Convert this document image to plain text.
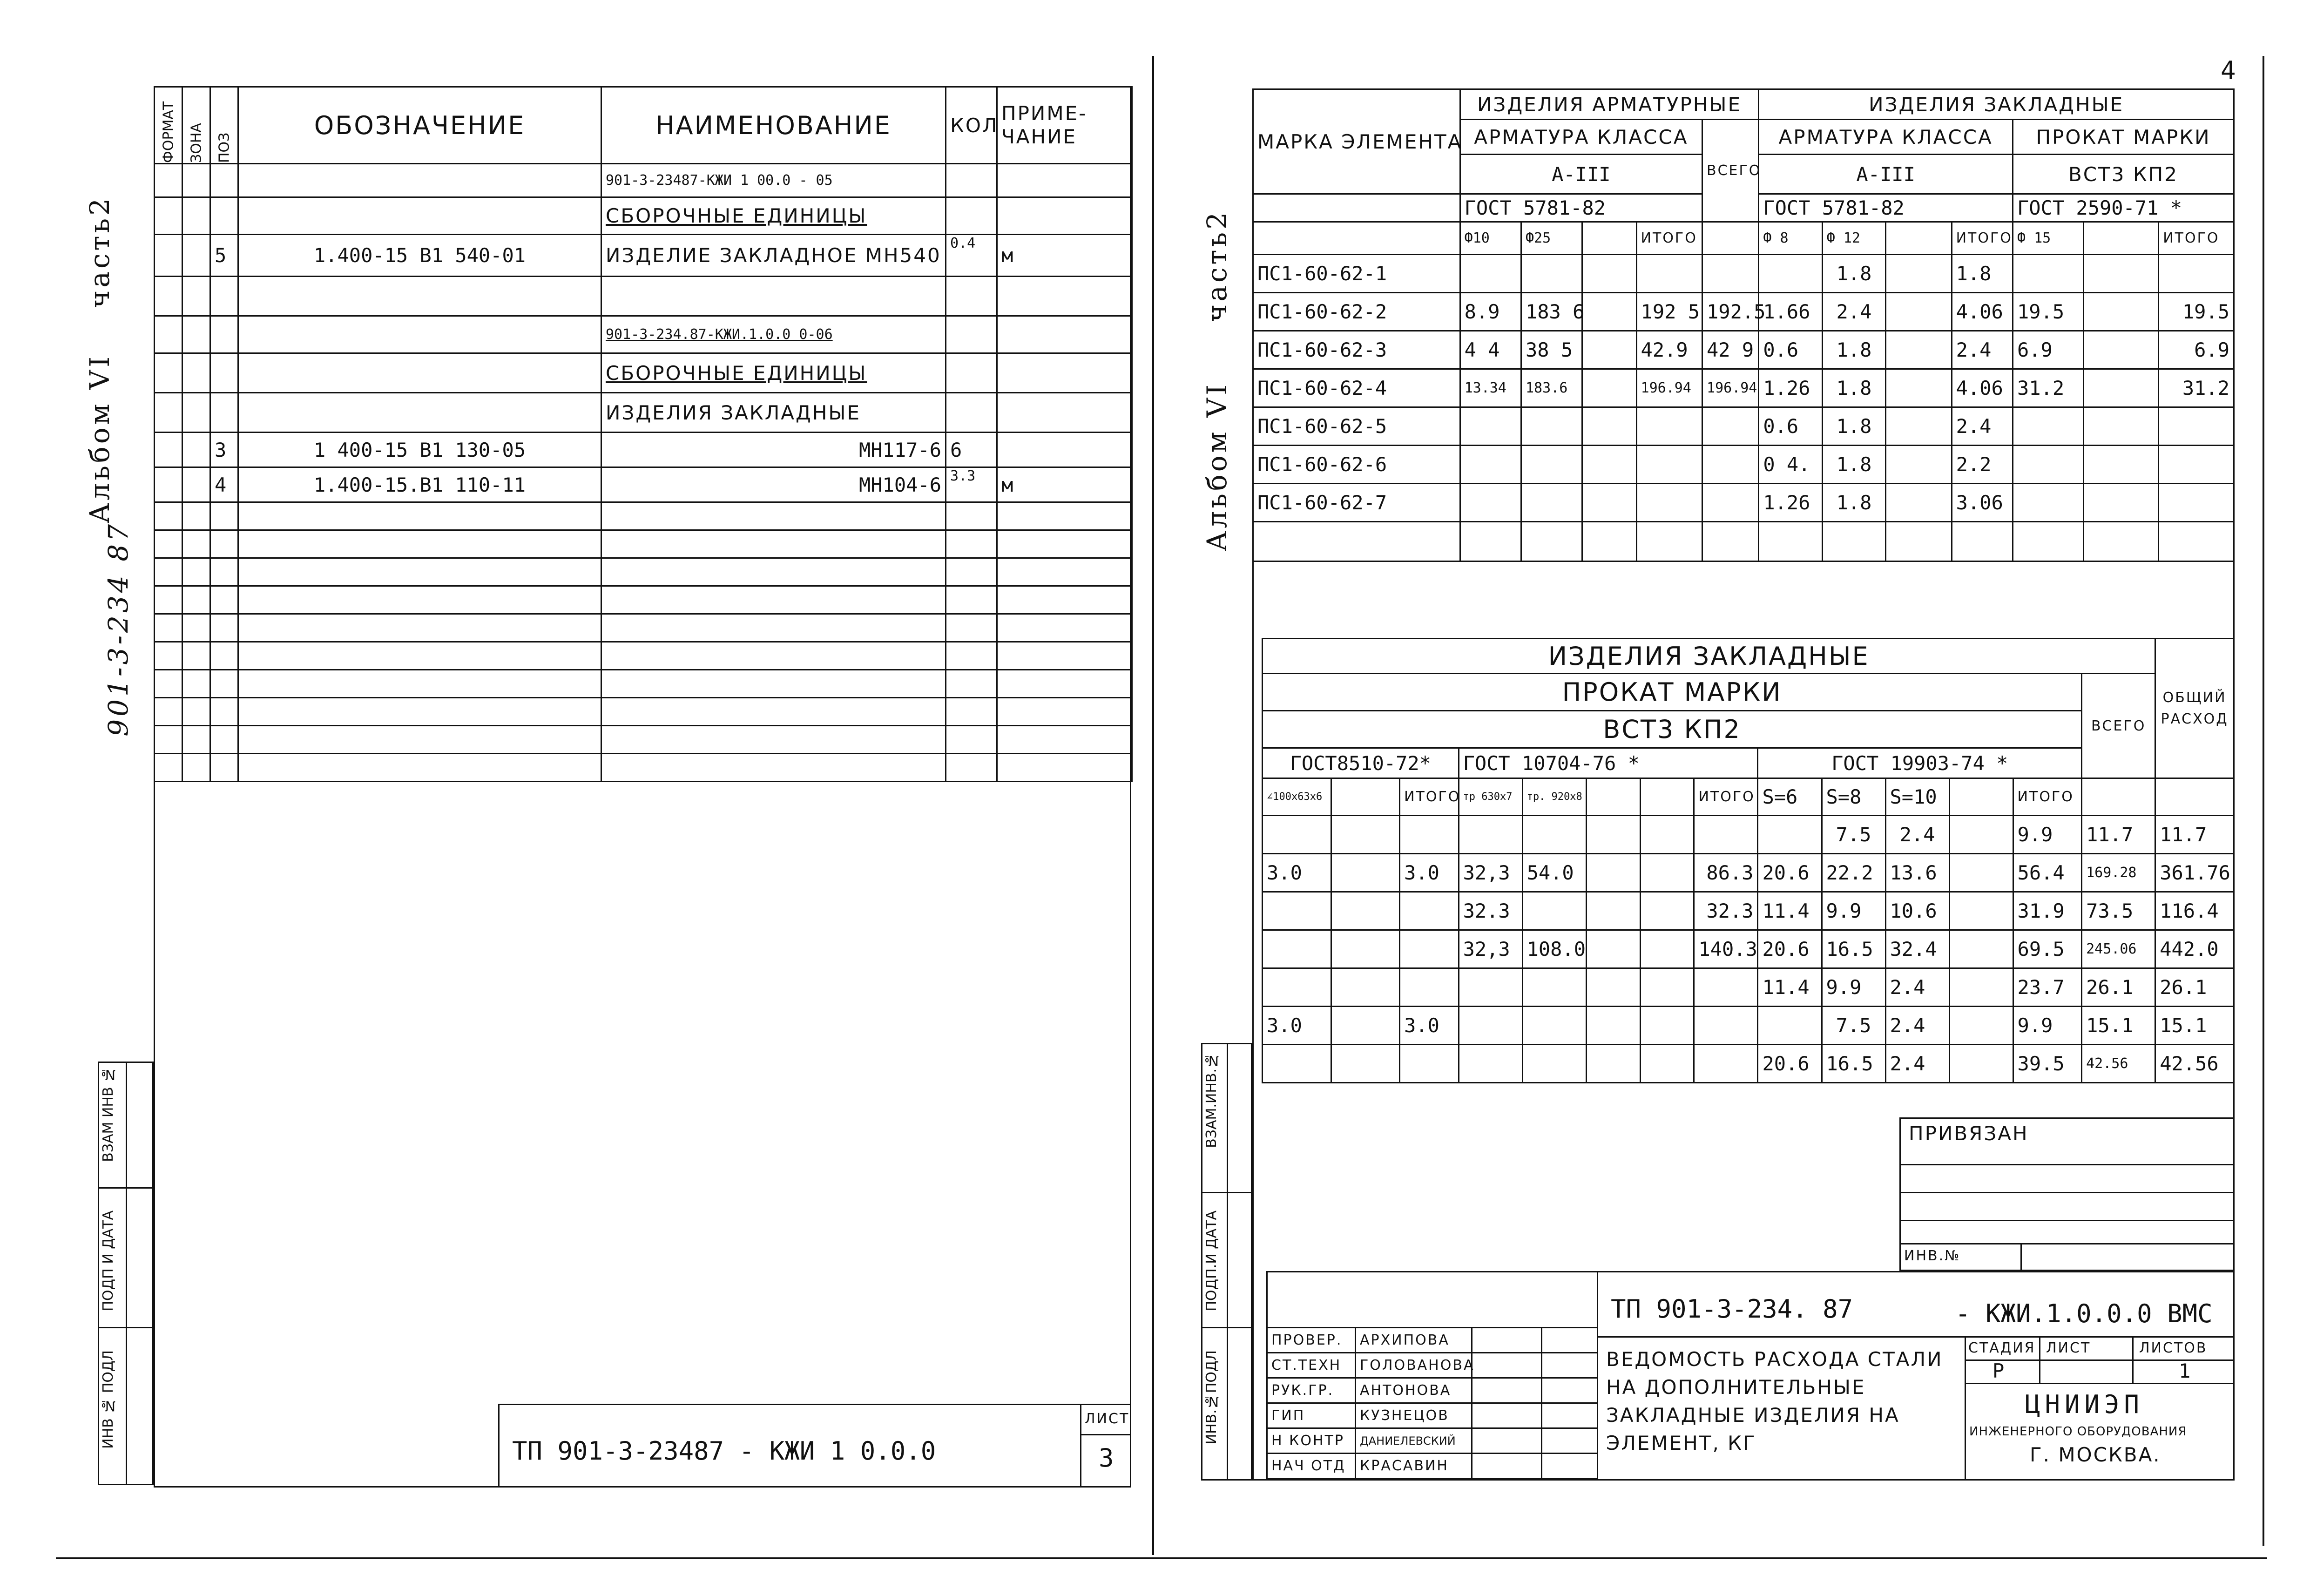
часть2
Альбом VI
901-3-234 87
ФОРМАТ	ЗОНА	ПОЗ	ОБОЗНАЧЕНИЕ	НАИМЕНОВАНИЕ	КОЛ	ПРИМЕ-ЧАНИЕ
				901-3-23487-КЖИ 1 00.0 - 05		
				СБОРОЧНЫЕ ЕДИНИЦЫ		
		5	1.400-15 В1 540-01	ИЗДЕЛИЕ ЗАКЛАДНОЕ МН540	0.4	м

				901-3-234.87-КЖИ.1.0.0 0-06		
				СБОРОЧНЫЕ ЕДИНИЦЫ		
				ИЗДЕЛИЯ ЗАКЛАДНЫЕ		
		3	1 400-15 В1 130-05	МН117-6	6	
		4	1.400-15.В1 110-11	МН104-6	3.3	м

ИНВ № ПОДЛ
ПОДП И ДАТА
ВЗАМ ИНВ №
ТП 901-3-23487 - КЖИ 1 0.0.0
ЛИСТ
3
4
часть2
Альбом VI
МАРКА ЭЛЕМЕНТА	ИЗДЕЛИЯ АРМАТУРНЫЕ					ИЗДЕЛИЯ ЗАКЛАДНЫЕ						
	АРМАТУРА КЛАССА				ВСЕГО	АРМАТУРА КЛАССА				ПРОКАТ МАРКИ		
	А-III					А-III				ВСТ3 КП2		
	ГОСТ 5781-82					ГОСТ 5781-82				ГОСТ 2590-71 *		
	Ф10	Ф25		ИТОГО		Ф 8	Ф 12		ИТОГО	Ф 15		ИТОГО
ПС1-60-62-1							1.8		1.8			
ПС1-60-62-2	8.9	183 6		192 5	192.5	1.66	2.4		4.06	19.5		19.5
ПС1-60-62-3	4 4	38 5		42.9	42 9	0.6	1.8		2.4	6.9		6.9
ПС1-60-62-4	13.34	183.6		196.94	196.94	1.26	1.8		4.06	31.2		31.2
ПС1-60-62-5						0.6	1.8		2.4			
ПС1-60-62-6						0 4.	1.8		2.2			
ПС1-60-62-7						1.26	1.8		3.06			

ИЗДЕЛИЯ ЗАКЛАДНЫЕ														ОБЩИЙ РАСХОД
ПРОКАТ МАРКИ													ВСЕГО	
ВСТ3 КП2														
ГОСТ8510-72*			ГОСТ 10704-76 *					ГОСТ 19903-74 *						
∠100x63x6		ИТОГО	тр 630x7	тр. 920x8			ИТОГО	S=6	S=8	S=10		ИТОГО		
									7.5	2.4		9.9	11.7	11.7
3.0		3.0	32,3	54.0			86.3	20.6	22.2	13.6		56.4	169.28	361.76
			32.3				32.3	11.4	9.9	10.6		31.9	73.5	116.4
			32,3	108.0			140.3	20.6	16.5	32.4		69.5	245.06	442.0
								11.4	9.9	2.4		23.7	26.1	26.1
3.0		3.0							7.5	2.4		9.9	15.1	15.1
								20.6	16.5	2.4		39.5	42.56	42.56
ПРИВЯЗАН
ИНВ.№
ИНВ.№ПОДЛ
ПОДП.И ДАТА
ВЗАМ.ИНВ.№
ТП 901-3-234. 87	- КЖИ.1.0.0.0 ВМС
ПРОВЕР.	АРХИПОВА		
СТ.ТЕХН	ГОЛОВАНОВА		
РУК.ГР.	АНТОНОВА		
ГИП	КУЗНЕЦОВ		
Н КОНТР	ДАНИЕЛЕВСКИЙ		
НАЧ ОТД	КРАСАВИН		
ВЕДОМОСТЬ РАСХОДА СТАЛИ НА ДОПОЛНИТЕЛЬНЫЕ ЗАКЛАДНЫЕ ИЗДЕЛИЯ НА ЭЛЕМЕНТ, КГ
СТАДИЯ ЛИСТ	ЛИСТОВ
Р	1
ЦНИИЭП
ИНЖЕНЕРНОГО ОБОРУДОВАНИЯ
Г. МОСКВА.
